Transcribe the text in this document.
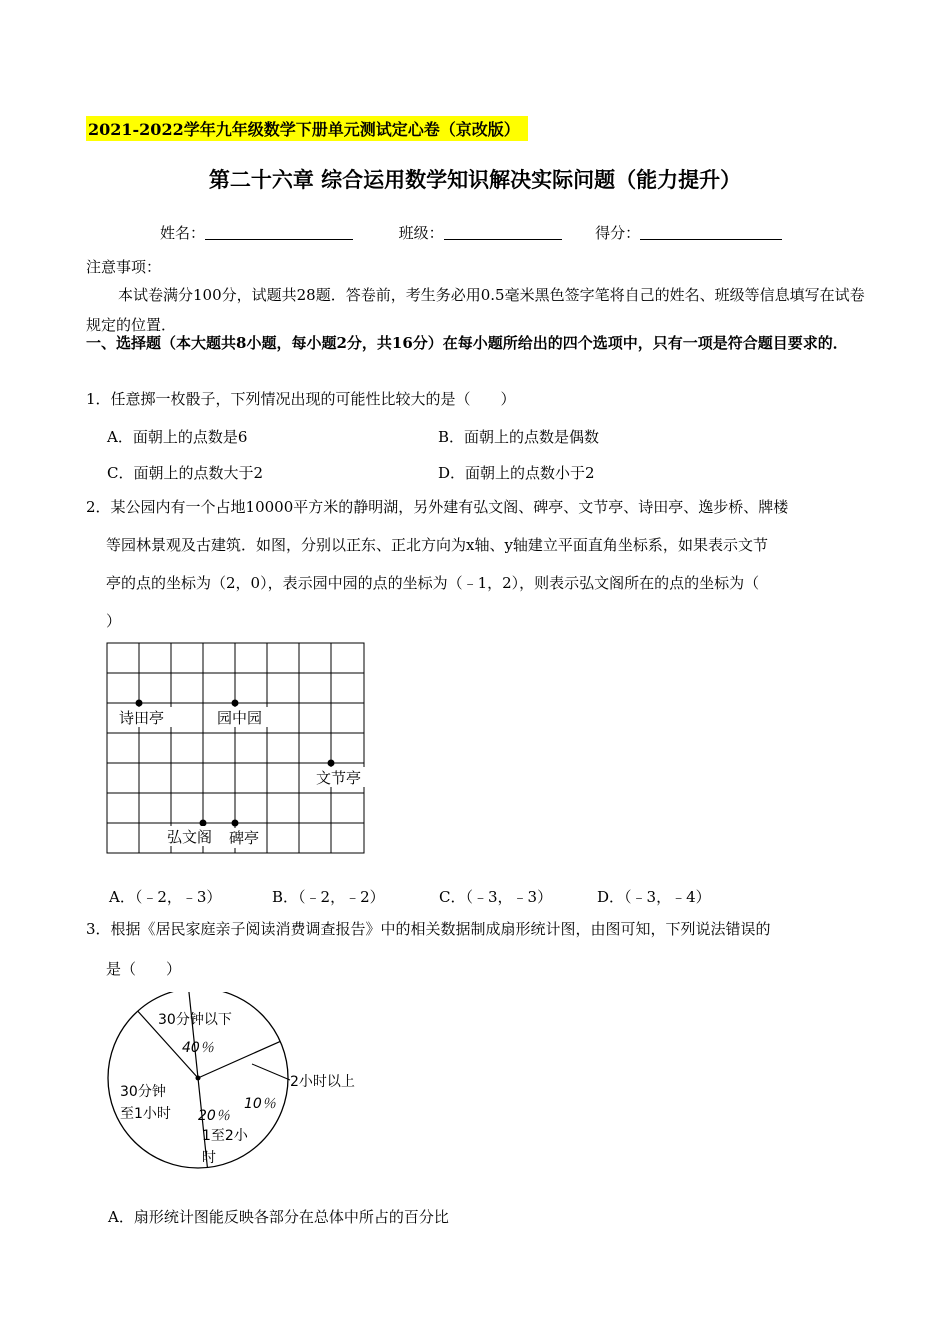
2021-2022学年九年级数学下册单元测试定心卷（京改版）
第二十六章 综合运用数学知识解决实际问题（能力提升）
姓名：	班级：	得分：
注意事项：
本试卷满分100分，试题共28题．答卷前，考生务必用0.5毫米黑色签字笔将自己的姓名、班级等信息填写在试卷规定的位置．
一、选择题（本大题共8小题，每小题2分，共16分）在每小题所给出的四个选项中，只有一项是符合题目要求的．
1．任意掷一枚骰子，下列情况出现的可能性比较大的是（　　）
A．面朝上的点数是6	B．面朝上的点数是偶数
C．面朝上的点数大于2	D．面朝上的点数小于2
2．某公园内有一个占地10000平方米的静明湖，另外建有弘文阁、碑亭、文节亭、诗田亭、逸步桥、牌楼
等园林景观及古建筑．如图，分别以正东、正北方向为x轴、y轴建立平面直角坐标系，如果表示文节
亭的点的坐标为（2，0），表示园中园的点的坐标为（﹣1，2），则表示弘文阁所在的点的坐标为（
）
诗田亭	园中园
文节亭
弘文阁 碑亭
A．（﹣2，﹣3）	B．（﹣2，﹣2）	C．（﹣3，﹣3）	D．（﹣3，﹣4）
3．根据《居民家庭亲子阅读消费调查报告》中的相关数据制成扇形统计图，由图可知，下列说法错误的
是（　　）
30分钟以下
40％
30分钟
至1小时
1至2小
时
20％
2小时以上
10％
A．扇形统计图能反映各部分在总体中所占的百分比
